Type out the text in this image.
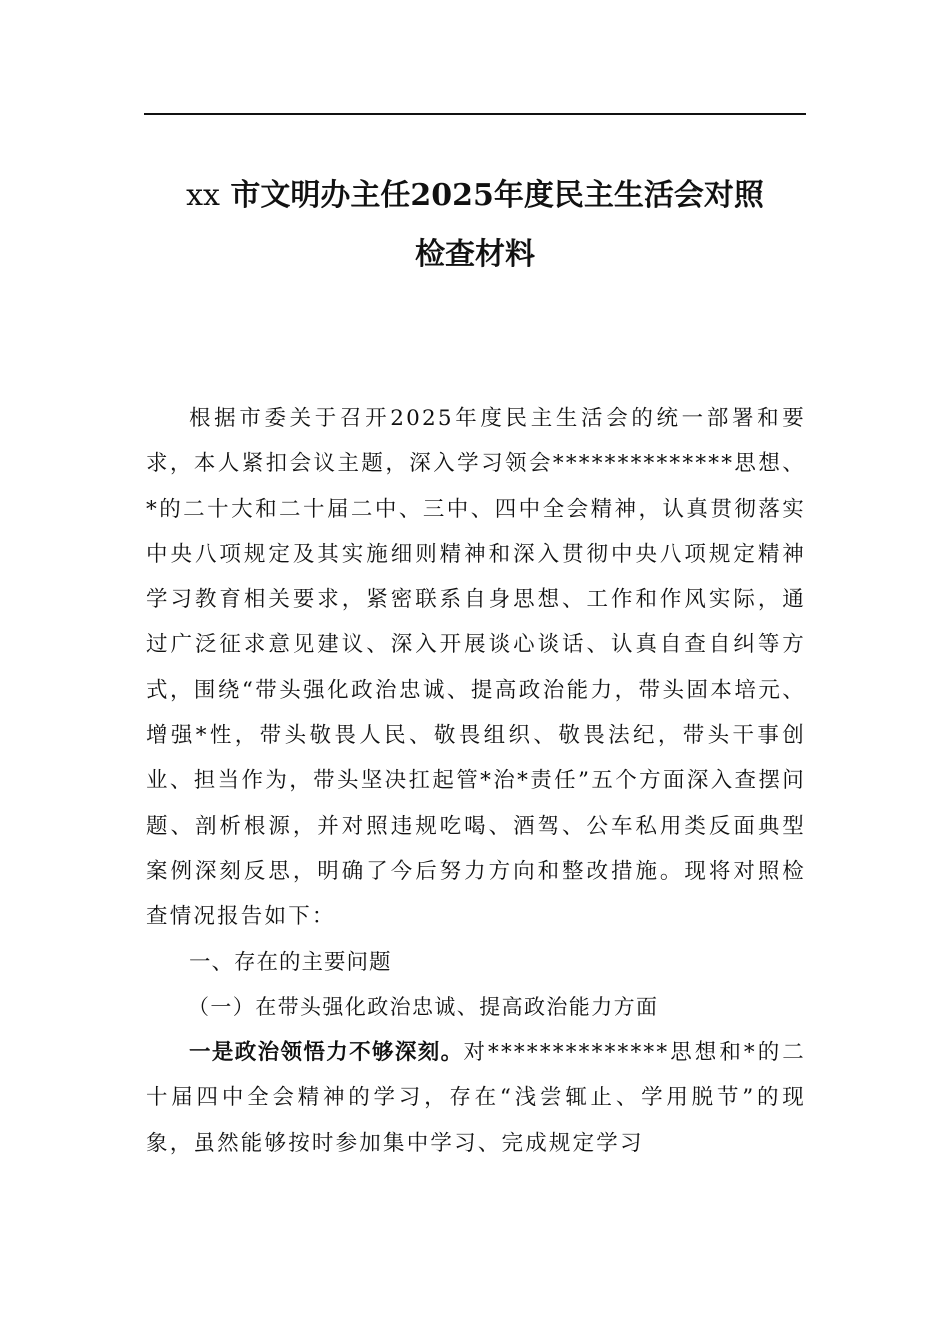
xx 市文明办主任2025年度民主生活会对照
检查材料

根据市委关于召开2025年度民主生活会的统一部署和要求，本人紧扣会议主题，深入学习领会**************思想、*的二十大和二十届二中、三中、四中全会精神，认真贯彻落实中央八项规定及其实施细则精神和深入贯彻中央八项规定精神学习教育相关要求，紧密联系自身思想、工作和作风实际，通过广泛征求意见建议、深入开展谈心谈话、认真自查自纠等方式，围绕“带头强化政治忠诚、提高政治能力，带头固本培元、增强*性，带头敬畏人民、敬畏组织、敬畏法纪，带头干事创业、担当作为，带头坚决扛起管*治*责任”五个方面深入查摆问题、剖析根源，并对照违规吃喝、酒驾、公车私用类反面典型案例深刻反思，明确了今后努力方向和整改措施。现将对照检查情况报告如下：

一、存在的主要问题

（一）在带头强化政治忠诚、提高政治能力方面

一是政治领悟力不够深刻。对**************思想和*的二十届四中全会精神的学习，存在“浅尝辄止、学用脱节”的现象，虽然能够按时参加集中学习、完成规定学习
